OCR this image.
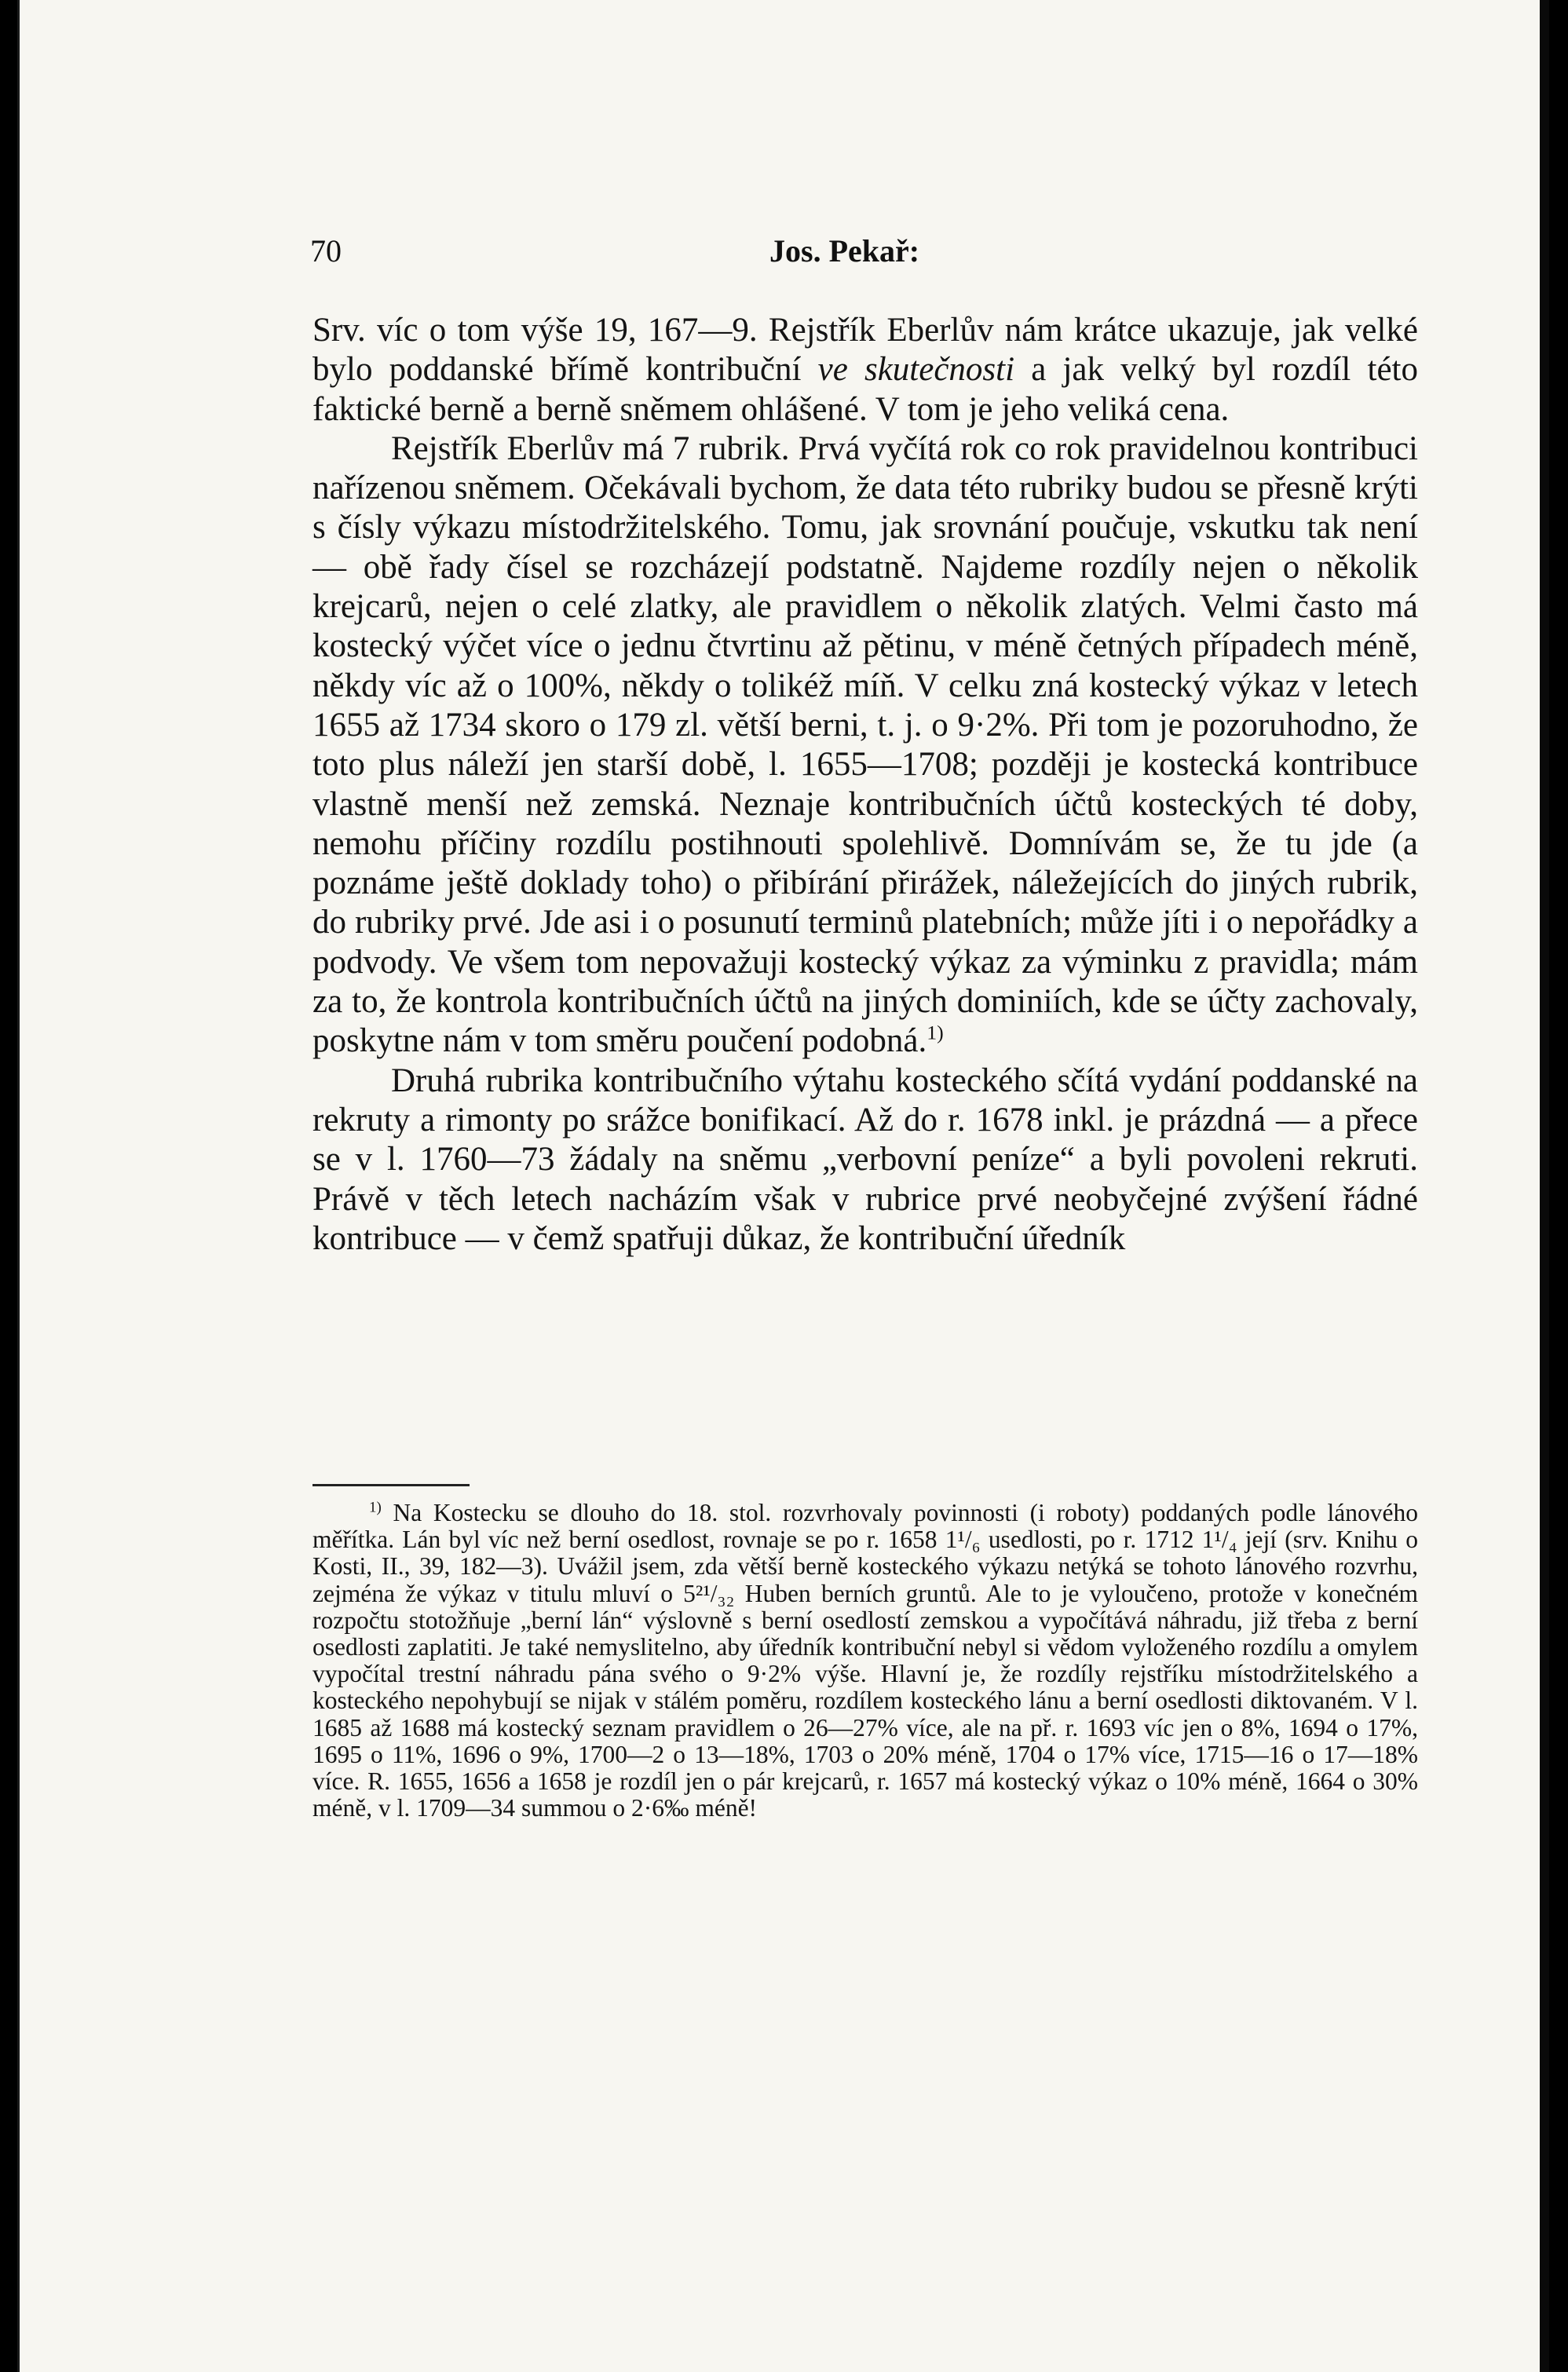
70	Jos. Pekař:

Srv. víc o tom výše 19, 167—9. Rejstřík Eberlův nám krátce ukazuje, jak velké bylo poddanské břímě kontribuční ve skutečnosti a jak velký byl rozdíl této faktické berně a berně sněmem ohlášené. V tom je jeho veliká cena.

Rejstřík Eberlův má 7 rubrik. Prvá vyčítá rok co rok pravidelnou kontribuci nařízenou sněmem. Očekávali bychom, že data této rubriky budou se přesně krýti s čísly výkazu místodržitelského. Tomu, jak srovnání poučuje, vskutku tak není — obě řady čísel se rozcházejí podstatně. Najdeme rozdíly nejen o několik krejcarů, nejen o celé zlatky, ale pravidlem o několik zlatých. Velmi často má kostecký výčet více o jednu čtvrtinu až pětinu, v méně četných případech méně, někdy víc až o 100%, někdy o tolikéž míň. V celku zná kostecký výkaz v letech 1655 až 1734 skoro o 179 zl. větší berni, t. j. o 9·2%. Při tom je pozoruhodno, že toto plus náleží jen starší době, l. 1655—1708; později je kostecká kontribuce vlastně menší než zemská. Neznaje kontribučních účtů kosteckých té doby, nemohu příčiny rozdílu postihnouti spolehlivě. Domnívám se, že tu jde (a poznáme ještě doklady toho) o přibírání přirážek, náležejících do jiných rubrik, do rubriky prvé. Jde asi i o posunutí terminů platebních; může jíti i o nepořádky a podvody. Ve všem tom nepovažuji kostecký výkaz za výminku z pravidla; mám za to, že kontrola kontribučních účtů na jiných dominiích, kde se účty zachovaly, poskytne nám v tom směru poučení podobná.$^{1)}$

Druhá rubrika kontribučního výtahu kosteckého sčítá vydání poddanské na rekruty a rimonty po srážce bonifikací. Až do r. 1678 inkl. je prázdná — a přece se v l. 1760—73 žádaly na sněmu „verbovní peníze“ a byli povoleni rekruti. Právě v těch letech nacházím však v rubrice prvé neobyčejné zvýšení řádné kontribuce — v čemž spatřuji důkaz, že kontribuční úředník

$^{1)}$ Na Kostecku se dlouho do 18. stol. rozvrhovaly povinnosti (i roboty) poddaných podle lánového měřítka. Lán byl víc než berní osedlost, rovnaje se po r. 1658 1¹/₆ usedlosti, po r. 1712 1¹/₄ její (srv. Knihu o Kosti, II., 39, 182—3). Uvážil jsem, zda větší berně kosteckého výkazu netýká se tohoto lánového rozvrhu, zejména že výkaz v titulu mluví o 5²¹/₃₂ Huben berních gruntů. Ale to je vyloučeno, protože v konečném rozpočtu stotožňuje „berní lán“ výslovně s berní osedlostí zemskou a vypočítává náhradu, již třeba z berní osedlosti zaplatiti. Je také nemyslitelno, aby úředník kontribuční nebyl si vědom vyloženého rozdílu a omylem vypočítal trestní náhradu pána svého o 9·2% výše. Hlavní je, že rozdíly rejstříku místodržitelského a kosteckého nepohybují se nijak v stálém poměru, rozdílem kosteckého lánu a berní osedlosti diktovaném. V l. 1685 až 1688 má kostecký seznam pravidlem o 26—27% více, ale na př. r. 1693 víc jen o 8%, 1694 o 17%, 1695 o 11%, 1696 o 9%, 1700—2 o 13—18%, 1703 o 20% méně, 1704 o 17% více, 1715—16 o 17—18% více. R. 1655, 1656 a 1658 je rozdíl jen o pár krejcarů, r. 1657 má kostecký výkaz o 10% méně, 1664 o 30% méně, v l. 1709—34 summou o 2·6‰ méně!
